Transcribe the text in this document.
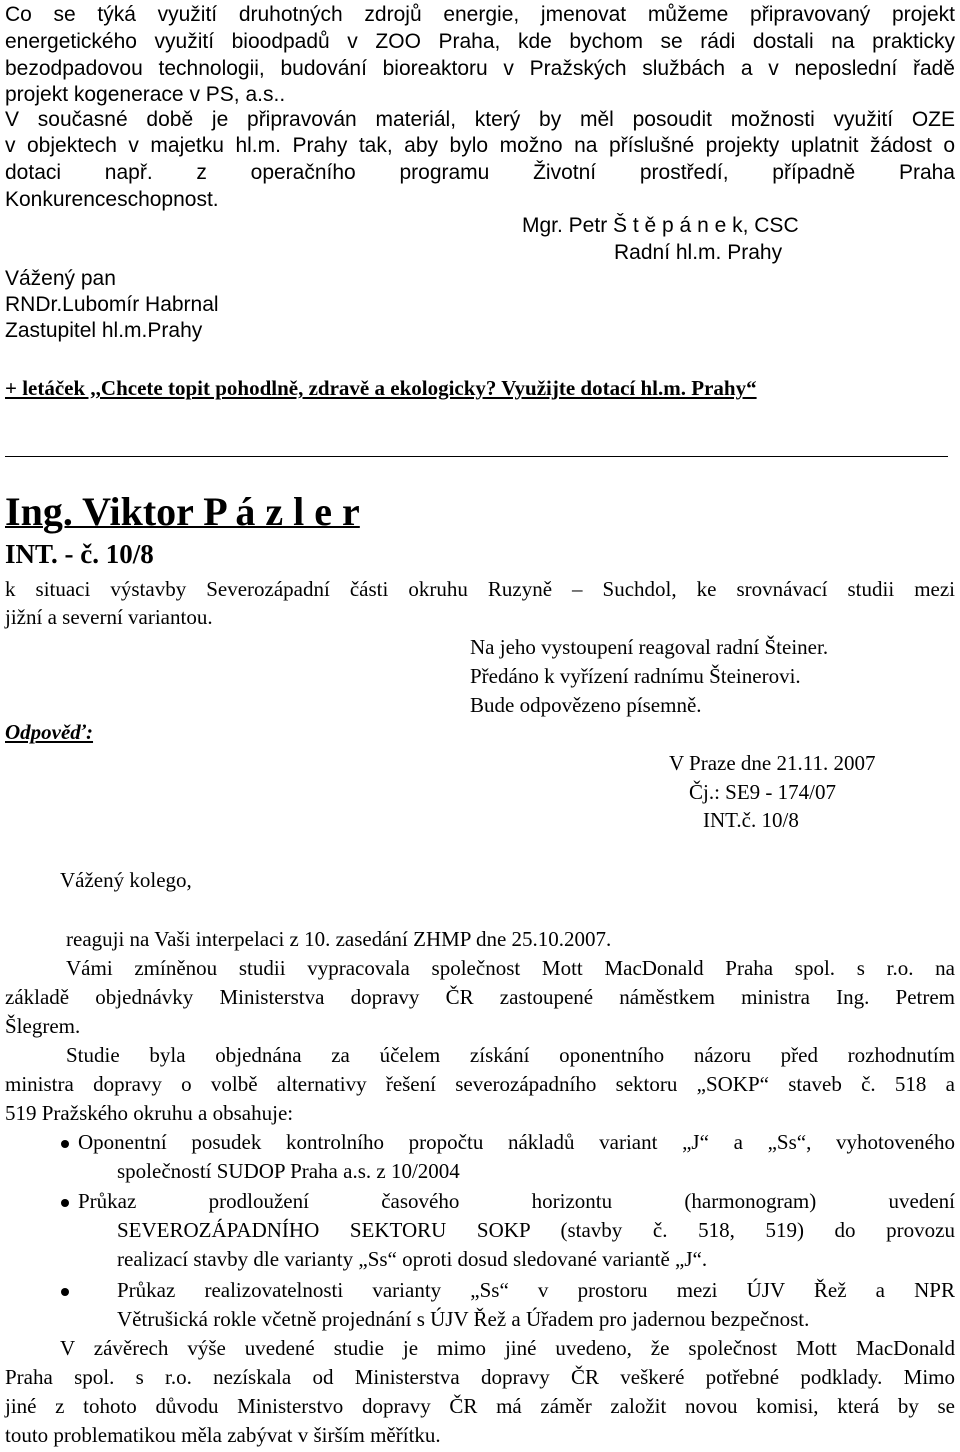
Co se týká využití druhotných zdrojů energie, jmenovat můžeme připravovaný projekt
energetického využití bioodpadů v ZOO Praha, kde bychom se rádi dostali na prakticky
bezodpadovou technologii, budování bioreaktoru v Pražských službách a v neposlední řadě
projekt kogenerace v PS, a.s..
V současné době je připravován materiál, který by měl posoudit možnosti využití OZE
v objektech v majetku hl.m. Prahy tak, aby bylo možno na příslušné projekty uplatnit žádost o
dotaci např. z operačního programu Životní prostředí, případně Praha
Konkurenceschopnost.
Mgr. Petr Š t ě p á n e k, CSC
Radní hl.m. Prahy
Vážený pan
RNDr.Lubomír Habrnal
Zastupitel hl.m.Prahy
+ letáček ,,Chcete topit pohodlně, zdravě a ekologicky? Využijte dotací hl.m. Prahy“
Ing. Viktor P á z l e r
INT. - č. 10/8
k situaci výstavby Severozápadní části okruhu Ruzyně – Suchdol, ke srovnávací studii mezi
jižní a severní variantou.
Na jeho vystoupení reagoval radní Šteiner.
Předáno k vyřízení radnímu Šteinerovi.
Bude odpovězeno písemně.
Odpověď:
V Praze dne 21.11. 2007
Čj.: SE9 - 174/07
INT.č. 10/8
Vážený kolego,
reaguji na Vaši interpelaci z 10. zasedání ZHMP dne 25.10.2007.
Vámi zmíněnou studii vypracovala společnost Mott MacDonald Praha spol. s r.o. na
základě objednávky Ministerstva dopravy ČR zastoupené náměstkem ministra Ing. Petrem
Šlegrem.
Studie byla objednána za účelem získání oponentního názoru před rozhodnutím
ministra dopravy o volbě alternativy řešení severozápadního sektoru „SOKP“ staveb č. 518 a
519 Pražského okruhu a obsahuje:
Oponentní posudek kontrolního propočtu nákladů variant „J“ a „Ss“, vyhotoveného
společností SUDOP Praha a.s. z 10/2004
Průkaz prodloužení časového horizontu (harmonogram) uvedení
SEVEROZÁPADNÍHO SEKTORU SOKP (stavby č. 518, 519) do provozu
realizací stavby dle varianty „Ss“ oproti dosud sledované variantě „J“.
Průkaz realizovatelnosti varianty „Ss“ v prostoru mezi ÚJV Řež a NPR
Větrušická rokle včetně projednání s ÚJV Řež a Úřadem pro jadernou bezpečnost.
V závěrech výše uvedené studie je mimo jiné uvedeno, že společnost Mott MacDonald
Praha spol. s r.o. nezískala od Ministerstva dopravy ČR veškeré potřebné podklady. Mimo
jiné z tohoto důvodu Ministerstvo dopravy ČR má záměr založit novou komisi, která by se
touto problematikou měla zabývat v širším měřítku.
